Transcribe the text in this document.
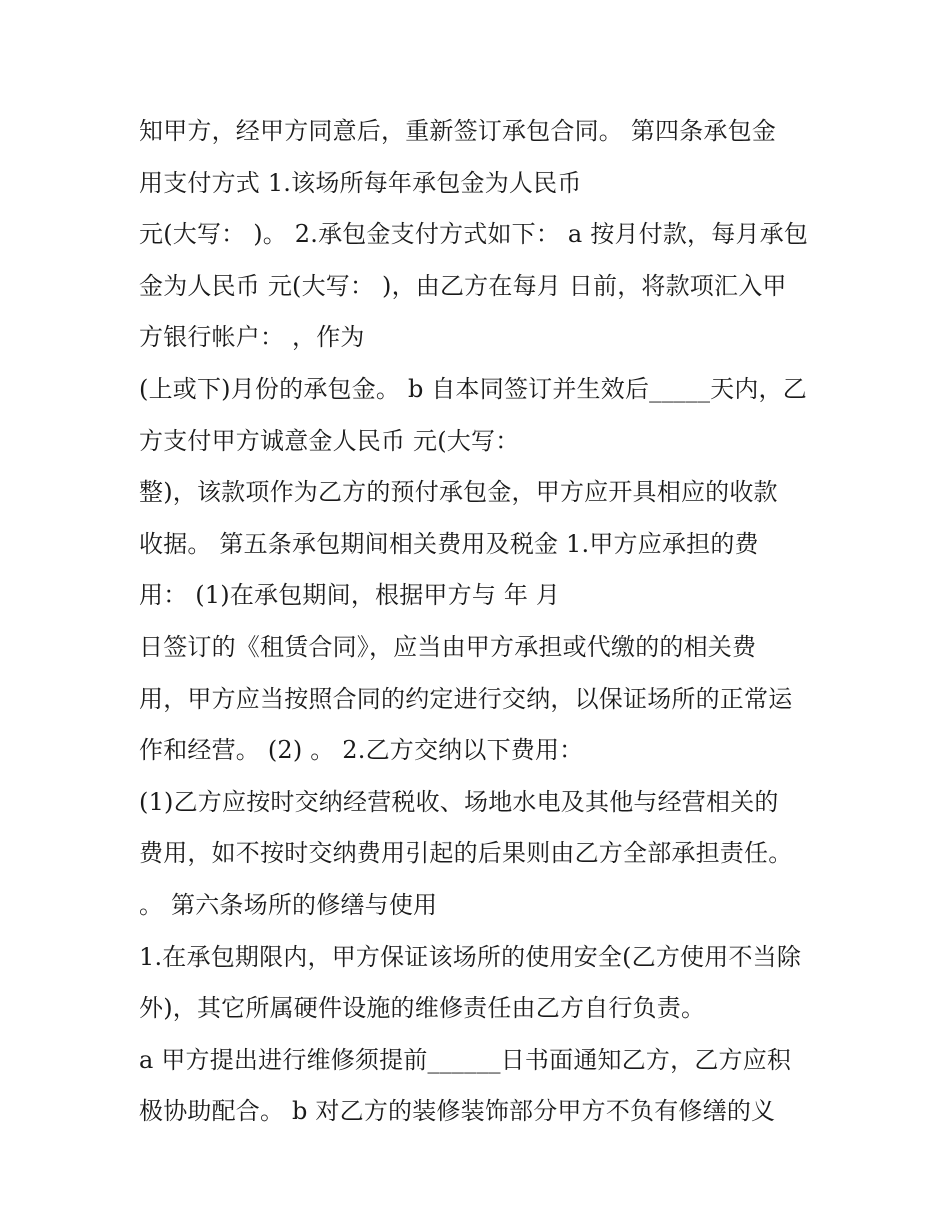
知甲方，经甲方同意后，重新签订承包合同。 第四条承包金
用支付方式 1.该场所每年承包金为人民币
元(大写： )。 2.承包金支付方式如下： a 按月付款，每月承包
金为人民币 元(大写： )，由乙方在每月 日前，将款项汇入甲
方银行帐户： ，作为
(上或下)月份的承包金。 b 自本同签订并生效后_____天内，乙
方支付甲方诚意金人民币 元(大写：
整)，该款项作为乙方的预付承包金，甲方应开具相应的收款
收据。 第五条承包期间相关费用及税金 1.甲方应承担的费
用： (1)在承包期间，根据甲方与 年 月
日签订的《租赁合同》，应当由甲方承担或代缴的的相关费
用，甲方应当按照合同的约定进行交纳，以保证场所的正常运
作和经营。 (2) 。 2.乙方交纳以下费用：
(1)乙方应按时交纳经营税收、场地水电及其他与经营相关的
费用，如不按时交纳费用引起的后果则由乙方全部承担责任。
。 第六条场所的修缮与使用
1.在承包期限内，甲方保证该场所的使用安全(乙方使用不当除
外)，其它所属硬件设施的维修责任由乙方自行负责。
a 甲方提出进行维修须提前______日书面通知乙方，乙方应积
极协助配合。 b 对乙方的装修装饰部分甲方不负有修缮的义
